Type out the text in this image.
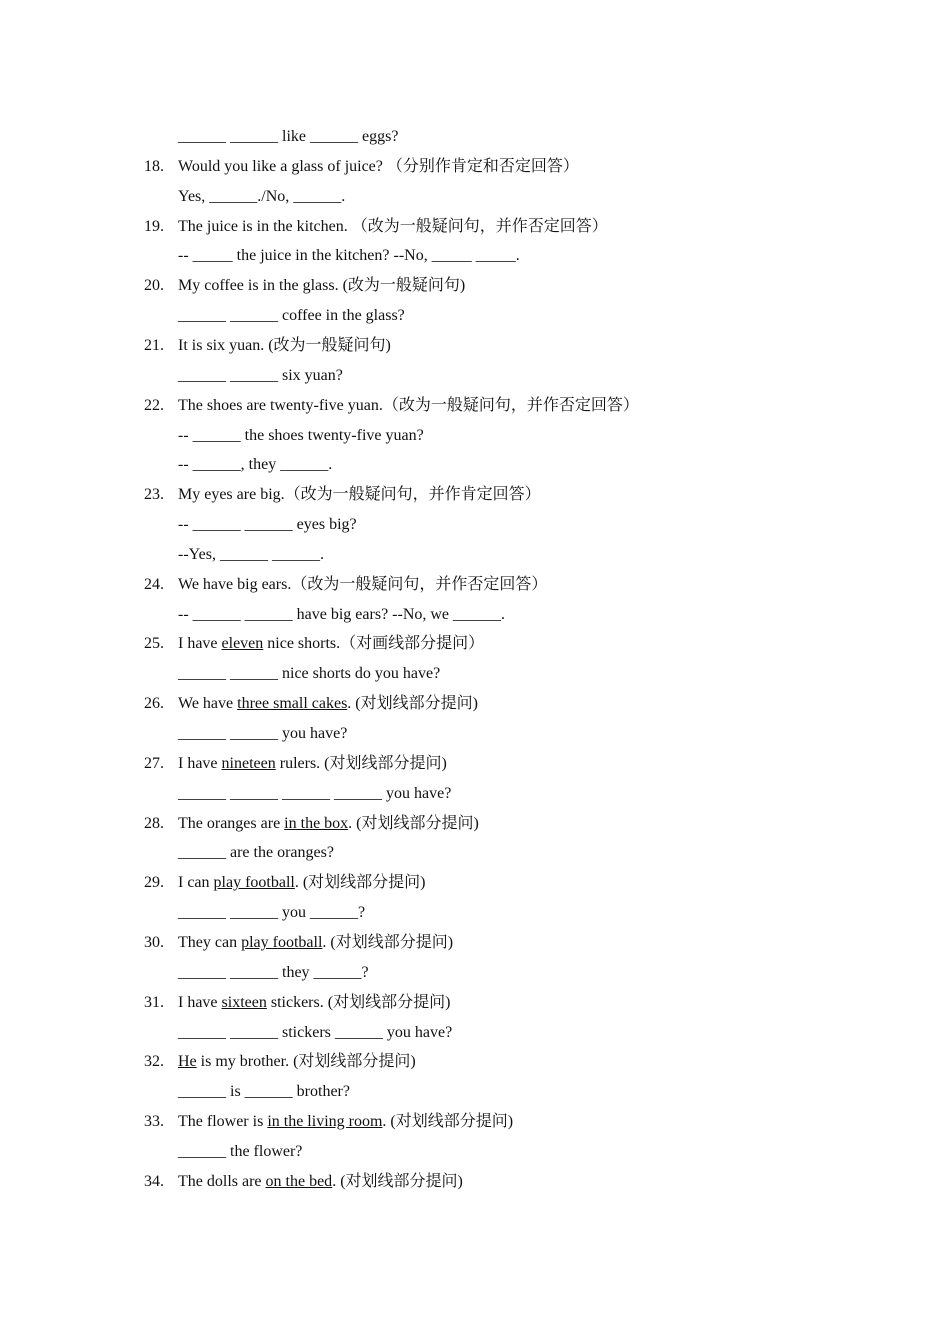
______ ______ like ______ eggs?
18. Would you like a glass of juice? （分别作肯定和否定回答）
Yes, ______./No, ______.
19. The juice is in the kitchen. （改为一般疑问句，并作否定回答）
-- _____ the juice in the kitchen? --No, _____ _____.
20. My coffee is in the glass. (改为一般疑问句)
______ ______ coffee in the glass?
21. It is six yuan. (改为一般疑问句)
______ ______ six yuan?
22. The shoes are twenty-five yuan.（改为一般疑问句，并作否定回答）
-- ______ the shoes twenty-five yuan?
-- ______, they ______.
23. My eyes are big.（改为一般疑问句，并作肯定回答）
-- ______ ______ eyes big?
--Yes, ______ ______.
24. We have big ears.（改为一般疑问句，并作否定回答）
-- ______ ______ have big ears? --No, we ______.
25. I have eleven nice shorts.（对画线部分提问）
______ ______ nice shorts do you have?
26. We have three small cakes. (对划线部分提问)
______ ______ you have?
27. I have nineteen rulers. (对划线部分提问)
______ ______ ______ ______ you have?
28. The oranges are in the box. (对划线部分提问)
______ are the oranges?
29. I can play football. (对划线部分提问)
______ ______ you ______?
30. They can play football. (对划线部分提问)
______ ______ they ______?
31. I have sixteen stickers. (对划线部分提问)
______ ______ stickers ______ you have?
32. He is my brother. (对划线部分提问)
______ is ______ brother?
33. The flower is in the living room. (对划线部分提问)
______ the flower?
34. The dolls are on the bed. (对划线部分提问)
